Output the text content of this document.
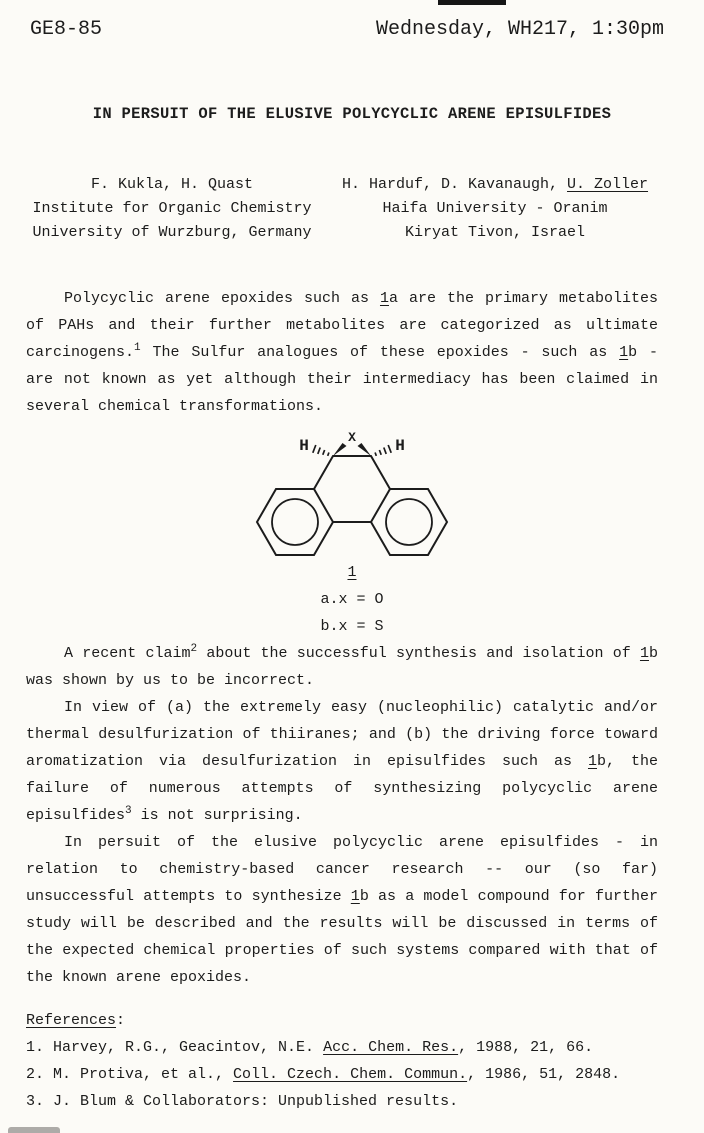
GE8-85	Wednesday, WH217, 1:30pm
IN PERSUIT OF THE ELUSIVE POLYCYCLIC ARENE EPISULFIDES
F. Kukla, H. Quast
Institute for Organic Chemistry
University of Wurzburg, Germany
H. Harduf, D. Kavanaugh, U. Zoller
Haifa University - Oranim
Kiryat Tivon, Israel

Polycyclic arene epoxides such as 1a are the primary metabolites of PAHs and their further metabolites are categorized as ultimate carcinogens.$^1$ The Sulfur analogues of these epoxides - such as 1b - are not known as yet although their intermediacy has been claimed in several chemical transformations.

X
H	H
1
a.x = O
b.x = S

A recent claim$^2$ about the successful synthesis and isolation of 1b was shown by us to be incorrect.

In view of (a) the extremely easy (nucleophilic) catalytic and/or thermal desulfurization of thiiranes; and (b) the driving force toward aromatization via desulfurization in episulfides such as 1b, the failure of numerous attempts of synthesizing polycyclic arene episulfides$^3$ is not surprising.

In persuit of the elusive polycyclic arene episulfides - in relation to chemistry-based cancer research -- our (so far) unsuccessful attempts to synthesize 1b as a model compound for further study will be described and the results will be discussed in terms of the expected chemical properties of such systems compared with that of the known arene epoxides.

References:
1. Harvey, R.G., Geacintov, N.E. Acc. Chem. Res., 1988, 21, 66.
2. M. Protiva, et al., Coll. Czech. Chem. Commun., 1986, 51, 2848.
3. J. Blum & Collaborators: Unpublished results.
